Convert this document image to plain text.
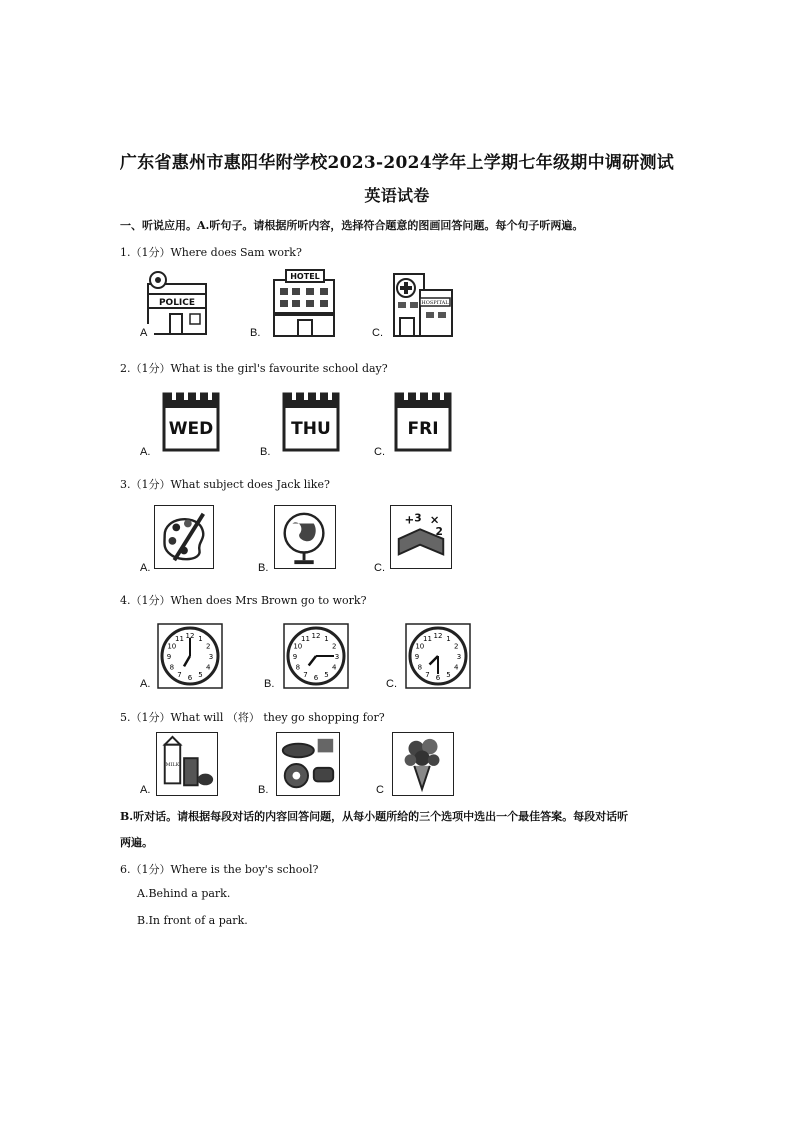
广东省惠州市惠阳华附学校2023-2024学年上学期七年级期中调研测试
英语试卷
一、听说应用。A.听句子。请根据所听内容，选择符合题意的图画回答问题。每个句子听两遍。
1.（1分）Where does Sam work?
POLICE
A
HOTEL
B.
HOSPITAL
C.
2.（1分）What is the girl's favourite school day?
WED
A.
THU
B.
FRI
C.
3.（1分）What subject does Jack like?
A.	B.
+ ×
2
3
C.
4.（1分）When does Mrs Brown go to work?
1
2
3
4
5
6
7
8
9
10
11 12
A.
1
2
3
4
5
6
7
8
9
10
11 12
B.
1
2
3
4
5
6
7
8
9
10
11 12
C.
5.（1分）What will （将） they go shopping for?
MILK
A.	B.	C
B.听对话。请根据每段对话的内容回答问题，从每小题所给的三个选项中选出一个最佳答案。每段对话听
两遍。
6.（1分）Where is the boy's school?
A.Behind a park.
B.In front of a park.
